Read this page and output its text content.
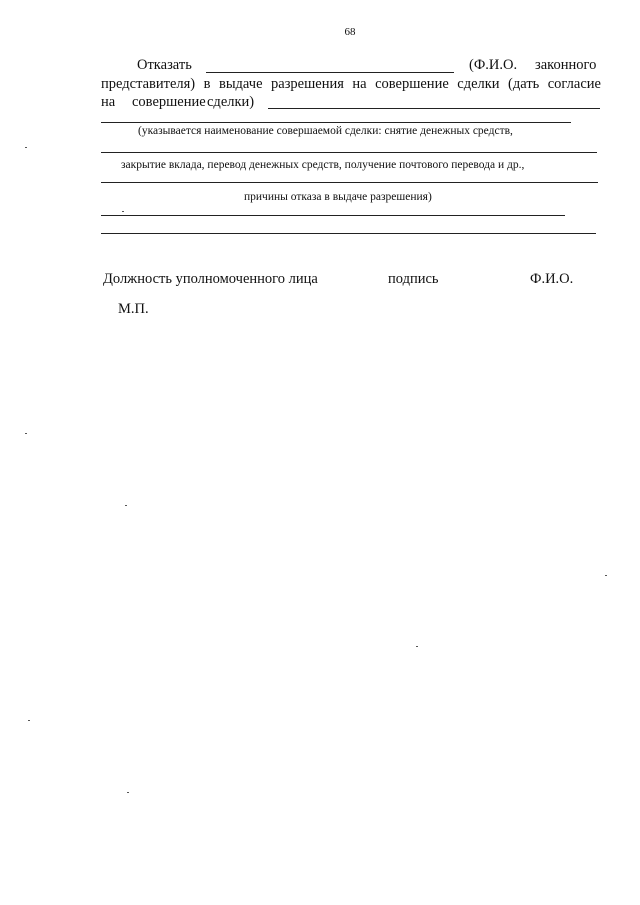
68
Отказать	(Ф.И.О. законного
представителя) в выдаче разрешения на совершение сделки (дать согласие
на совершение сделки)
(указывается наименование совершаемой сделки: снятие денежных средств,
закрытие вклада, перевод денежных средств, получение почтового перевода и др.,
причины отказа в выдаче разрешения)
Должность уполномоченного лица	подпись	Ф.И.О.
М.П.
